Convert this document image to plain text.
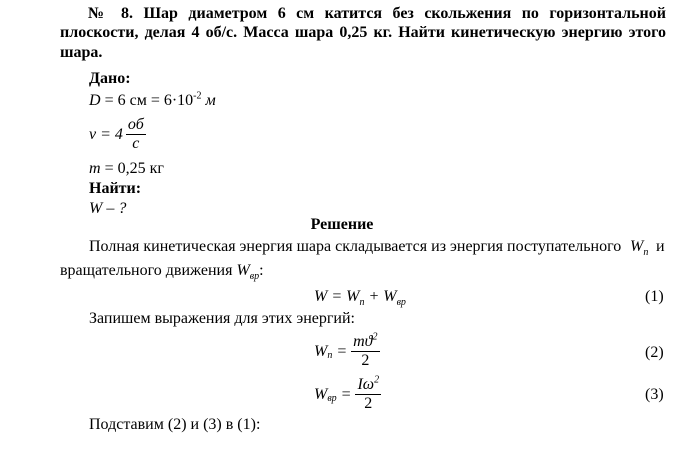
№ 8. Шар диаметром 6 см катится без скольжения по горизонтальной
плоскости, делая 4 об/с. Масса шара 0,25 кг. Найти кинетическую энергию этого
шара.
Дано:
D = 6 см = $6\cdot 10^{-2}$ м
$\nu = 4 \frac{об}{с}$
m = 0,25 кг
Найти:
W – ?
Решение
Полная кинетическая энергия шара складывается из энергия поступательного $W_п$ и
вращательного движения $W_{вр}$:
$W = W_п + W_{вр}$	(1)
Запишем выражения для этих энергий:
W $п = \frac{mϑ^2}{2}$	(2)
W вр = $\frac{I\omega^2}{2}$	(3)
Подставим (2) и (3) в (1):
